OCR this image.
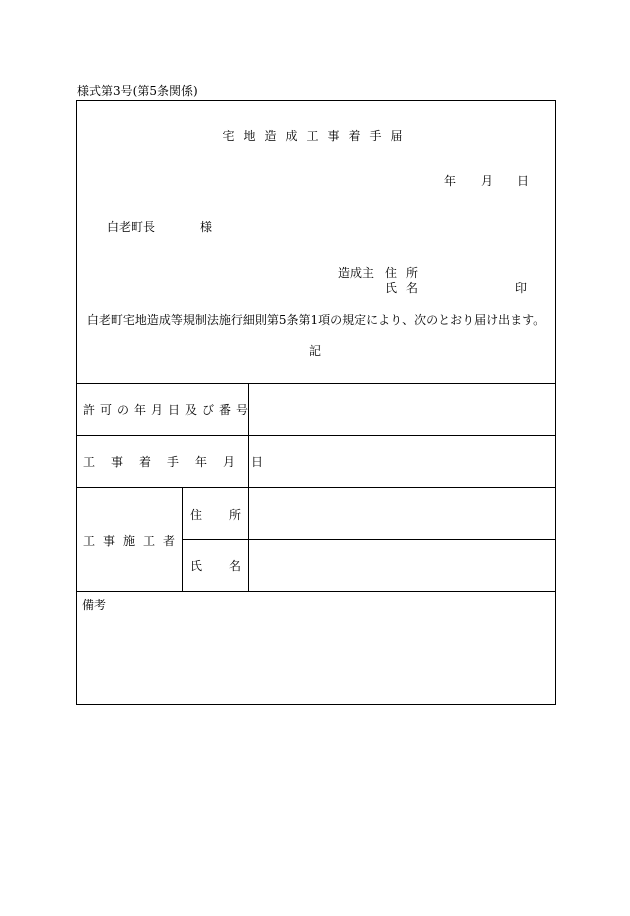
様式第3号(第5条関係)
宅地造成工事着手届

年

月

日

白老町長	様
造成主 住所
氏名	印
白老町宅地造成等規制法施行細則第5条第1項の規定により、次のとおり届け出ます。
記
許可の年月日及び番号
工事着手年月日
工事施工者
住所
氏名
備考
